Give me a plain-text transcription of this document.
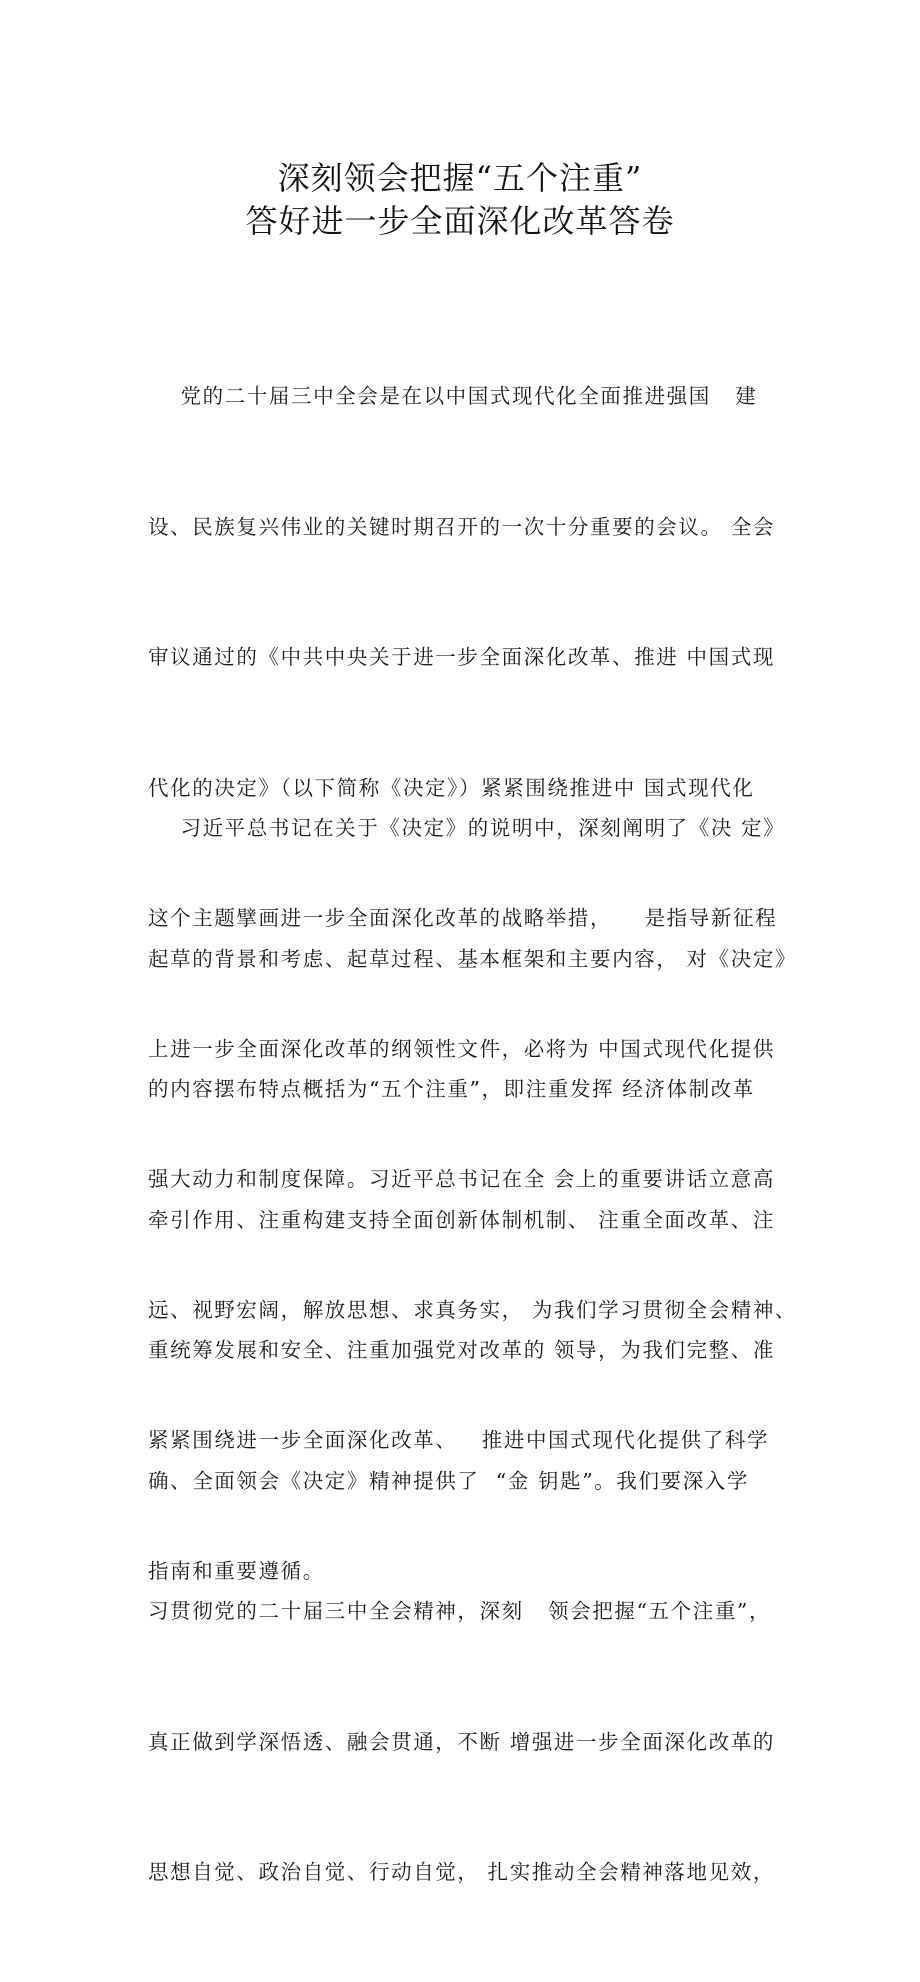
深刻领会把握“五个注重”
答好进一步全面深化改革答卷

党的二十届三中全会是在以中国式现代化全面推进强国   建

设、民族复兴伟业的关键时期召开的一次十分重要的会议。 全会

审议通过的《中共中央关于进一步全面深化改革、推进 中国式现

代化的决定》（以下简称《决定》）紧紧围绕推进中 国式现代化

这个主题擘画进一步全面深化改革的战略举措，    是指导新征程

上进一步全面深化改革的纲领性文件，必将为 中国式现代化提供

强大动力和制度保障。习近平总书记在全 会上的重要讲话立意高

远、视野宏阔，解放思想、求真务实， 为我们学习贯彻全会精神、

紧紧围绕进一步全面深化改革、   推进中国式现代化提供了科学

指南和重要遵循。

习近平总书记在关于《决定》的说明中，深刻阐明了《决 定》

起草的背景和考虑、起草过程、基本框架和主要内容， 对《决定》

的内容摆布特点概括为“五个注重”，即注重发挥 经济体制改革

牵引作用、注重构建支持全面创新体制机制、 注重全面改革、注

重统筹发展和安全、注重加强党对改革的 领导，为我们完整、准

确、全面领会《决定》精神提供了  “金 钥匙”。我们要深入学

习贯彻党的二十届三中全会精神，深刻   领会把握“五个注重”，

真正做到学深悟透、融会贯通，不断 增强进一步全面深化改革的

思想自觉、政治自觉、行动自觉， 扎实推动全会精神落地见效，
